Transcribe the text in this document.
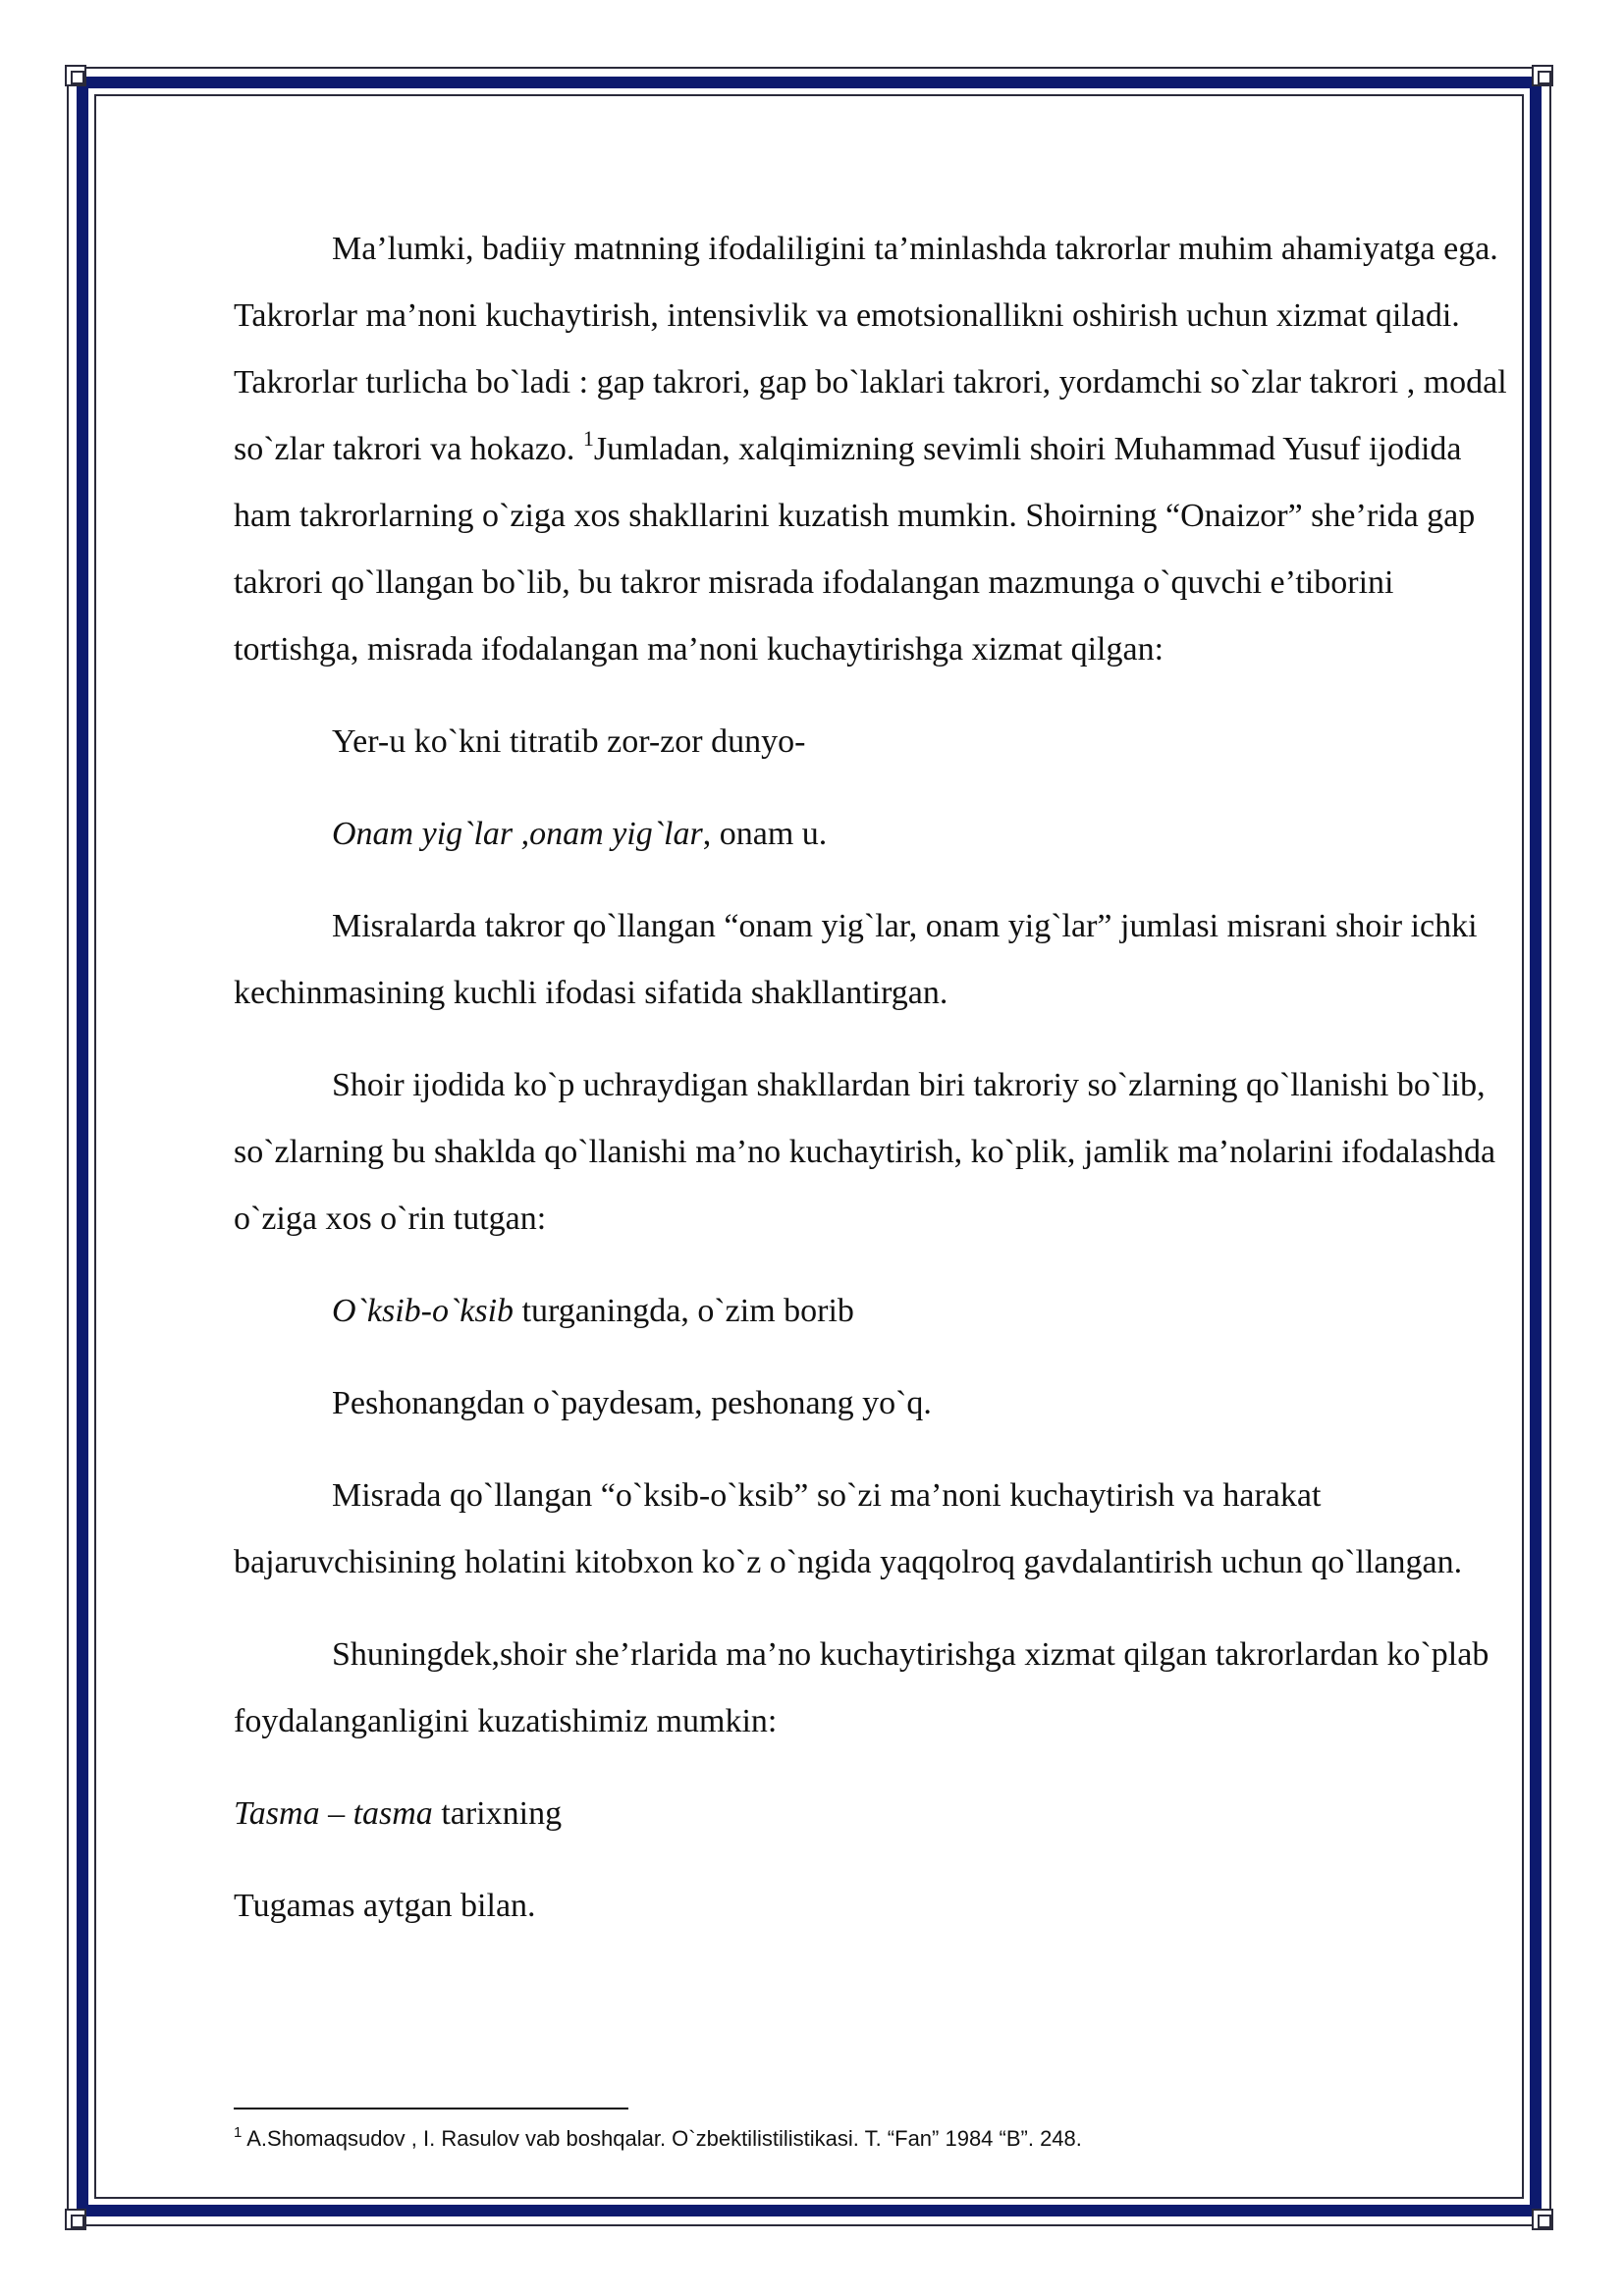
Ma’lumki, badiiy matnning ifodaliligini ta’minlashda takrorlar muhim ahamiyatga ega. Takrorlar ma’noni kuchaytirish, intensivlik va emotsionallikni oshirish uchun xizmat qiladi. Takrorlar turlicha bo`ladi : gap takrori, gap bo`laklari takrori, yordamchi so`zlar takrori , modal so`zlar takrori va hokazo. $^1$Jumladan, xalqimizning sevimli shoiri Muhammad Yusuf ijodida ham takrorlarning o`ziga xos shakllarini kuzatish mumkin. Shoirning “Onaizor” she’rida gap takrori qo`llangan bo`lib, bu takror misrada ifodalangan mazmunga o`quvchi e’tiborini tortishga, misrada ifodalangan ma’noni kuchaytirishga xizmat qilgan:

Yer-u ko`kni titratib zor-zor dunyo-

Onam yig`lar ,onam yig`lar, onam u.

Misralarda takror qo`llangan “onam yig`lar, onam yig`lar” jumlasi misrani shoir ichki kechinmasining kuchli ifodasi sifatida shakllantirgan.

Shoir ijodida ko`p uchraydigan shakllardan biri takroriy so`zlarning qo`llanishi bo`lib, so`zlarning bu shaklda qo`llanishi ma’no kuchaytirish, ko`plik, jamlik ma’nolarini ifodalashda o`ziga xos o`rin tutgan:

O`ksib-o`ksib turganingda, o`zim borib

Peshonangdan o`paydesam, peshonang yo`q.

Misrada qo`llangan “o`ksib-o`ksib” so`zi ma’noni kuchaytirish va harakat bajaruvchisining holatini kitobxon ko`z o`ngida yaqqolroq gavdalantirish uchun qo`llangan.

Shuningdek,shoir she’rlarida ma’no kuchaytirishga xizmat qilgan takrorlardan ko`plab foydalanganligini kuzatishimiz mumkin:

Tasma – tasma tarixning

Tugamas aytgan bilan.

$^1$ A.Shomaqsudov , I. Rasulov vab boshqalar. O`zbektilistilistikasi. T. “Fan” 1984 “B”. 248.
